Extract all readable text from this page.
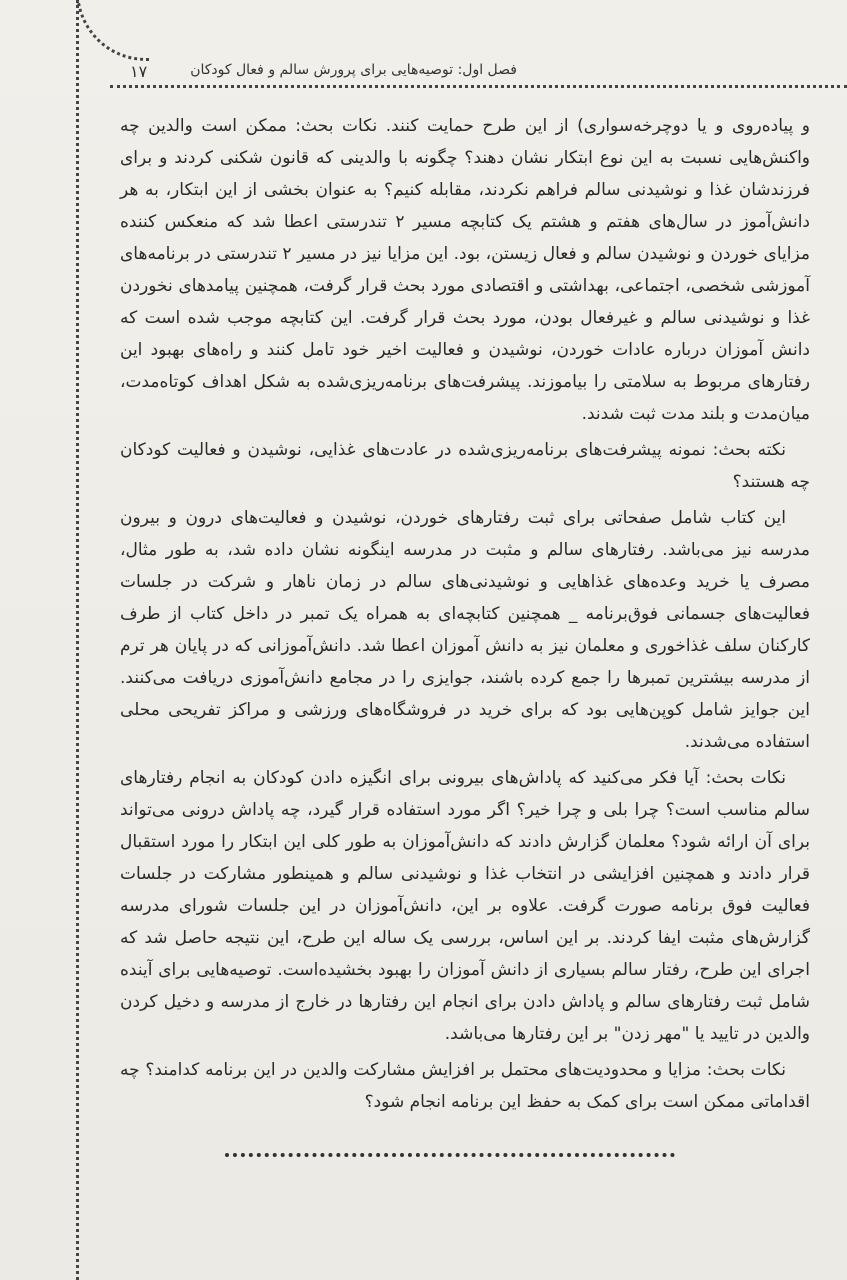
۱۷	فصل اول: توصیه‌هایی برای پرورش سالم و فعال کودکان

و پیاده‌روی و یا دوچرخه‌سواری) از این طرح حمایت کنند. نکات بحث: ممکن است والدین چه واکنش‌هایی نسبت به این نوع ابتکار نشان دهند؟ چگونه با والدینی که قانون شکنی کردند و برای فرزندشان غذا و نوشیدنی سالم فراهم نکردند، مقابله کنیم؟ به عنوان بخشی از این ابتکار، به هر دانش‌آموز در سال‌های هفتم و هشتم یک کتابچه مسیر ۲ تندرستی اعطا شد که منعکس کننده مزایای خوردن و نوشیدن سالم و فعال زیستن، بود. این مزایا نیز در مسیر ۲ تندرستی در برنامه‌های آموزشی شخصی، اجتماعی، بهداشتی و اقتصادی مورد بحث قرار گرفت، همچنین پیامدهای نخوردن غذا و نوشیدنی سالم و غیرفعال بودن، مورد بحث قرار گرفت. این کتابچه موجب شده است که دانش آموزان درباره عادات خوردن، نوشیدن و فعالیت اخیر خود تامل کنند و راه‌های بهبود این رفتارهای مربوط به سلامتی را بیاموزند. پیشرفت‌های برنامه‌ریزی‌شده به شکل اهداف کوتاه‌مدت، میان‌مدت و بلند مدت ثبت شدند.

نکته بحث: نمونه پیشرفت‌های برنامه‌ریزی‌شده در عادت‌های غذایی، نوشیدن و فعالیت کودکان چه هستند؟

این کتاب شامل صفحاتی برای ثبت رفتارهای خوردن، نوشیدن و فعالیت‌های درون و بیرون مدرسه نیز می‌باشد. رفتارهای سالم و مثبت در مدرسه اینگونه نشان داده شد، به طور مثال، مصرف یا خرید وعده‌های غذاهایی و نوشیدنی‌های سالم در زمان ناهار و شرکت در جلسات فعالیت‌های جسمانی فوق‌برنامه _ همچنین کتابچه‌ای به همراه یک تمبر در داخل کتاب از طرف کارکنان سلف غذاخوری و معلمان نیز به دانش آموزان اعطا شد. دانش‌آموزانی که در پایان هر ترم از مدرسه بیشترین تمبرها را جمع کرده باشند، جوایزی را در مجامع دانش‌آموزی دریافت می‌کنند. این جوایز شامل کوپن‌هایی بود که برای خرید در فروشگاه‌های ورزشی و مراکز تفریحی محلی استفاده می‌شدند.

نکات بحث: آیا فکر می‌کنید که پاداش‌های بیرونی برای انگیزه دادن کودکان به انجام رفتارهای سالم مناسب است؟ چرا بلی و چرا خیر؟ اگر مورد استفاده قرار گیرد، چه پاداش درونی می‌تواند برای آن ارائه شود؟ معلمان گزارش دادند که دانش‌آموزان به طور کلی این ابتکار را مورد استقبال قرار دادند و همچنین افزایشی در انتخاب غذا و نوشیدنی سالم و همینطور مشارکت در جلسات فعالیت فوق برنامه صورت گرفت. علاوه بر این، دانش‌آموزان در این جلسات شورای مدرسه گزارش‌های مثبت ایفا کردند. بر این اساس، بررسی یک ساله این طرح، این نتیجه حاصل شد که اجرای این طرح، رفتار سالم بسیاری از دانش آموزان را بهبود بخشیده‌است. توصیه‌هایی برای آینده شامل ثبت رفتارهای سالم و پاداش دادن برای انجام این رفتارها در خارج از مدرسه و دخیل کردن والدین در تایید یا "مهر زدن" بر این رفتارها می‌باشد.

نکات بحث: مزایا و محدودیت‌های محتمل بر افزایش مشارکت والدین در این برنامه کدامند؟ چه اقداماتی ممکن است برای کمک به حفظ این برنامه انجام شود؟
